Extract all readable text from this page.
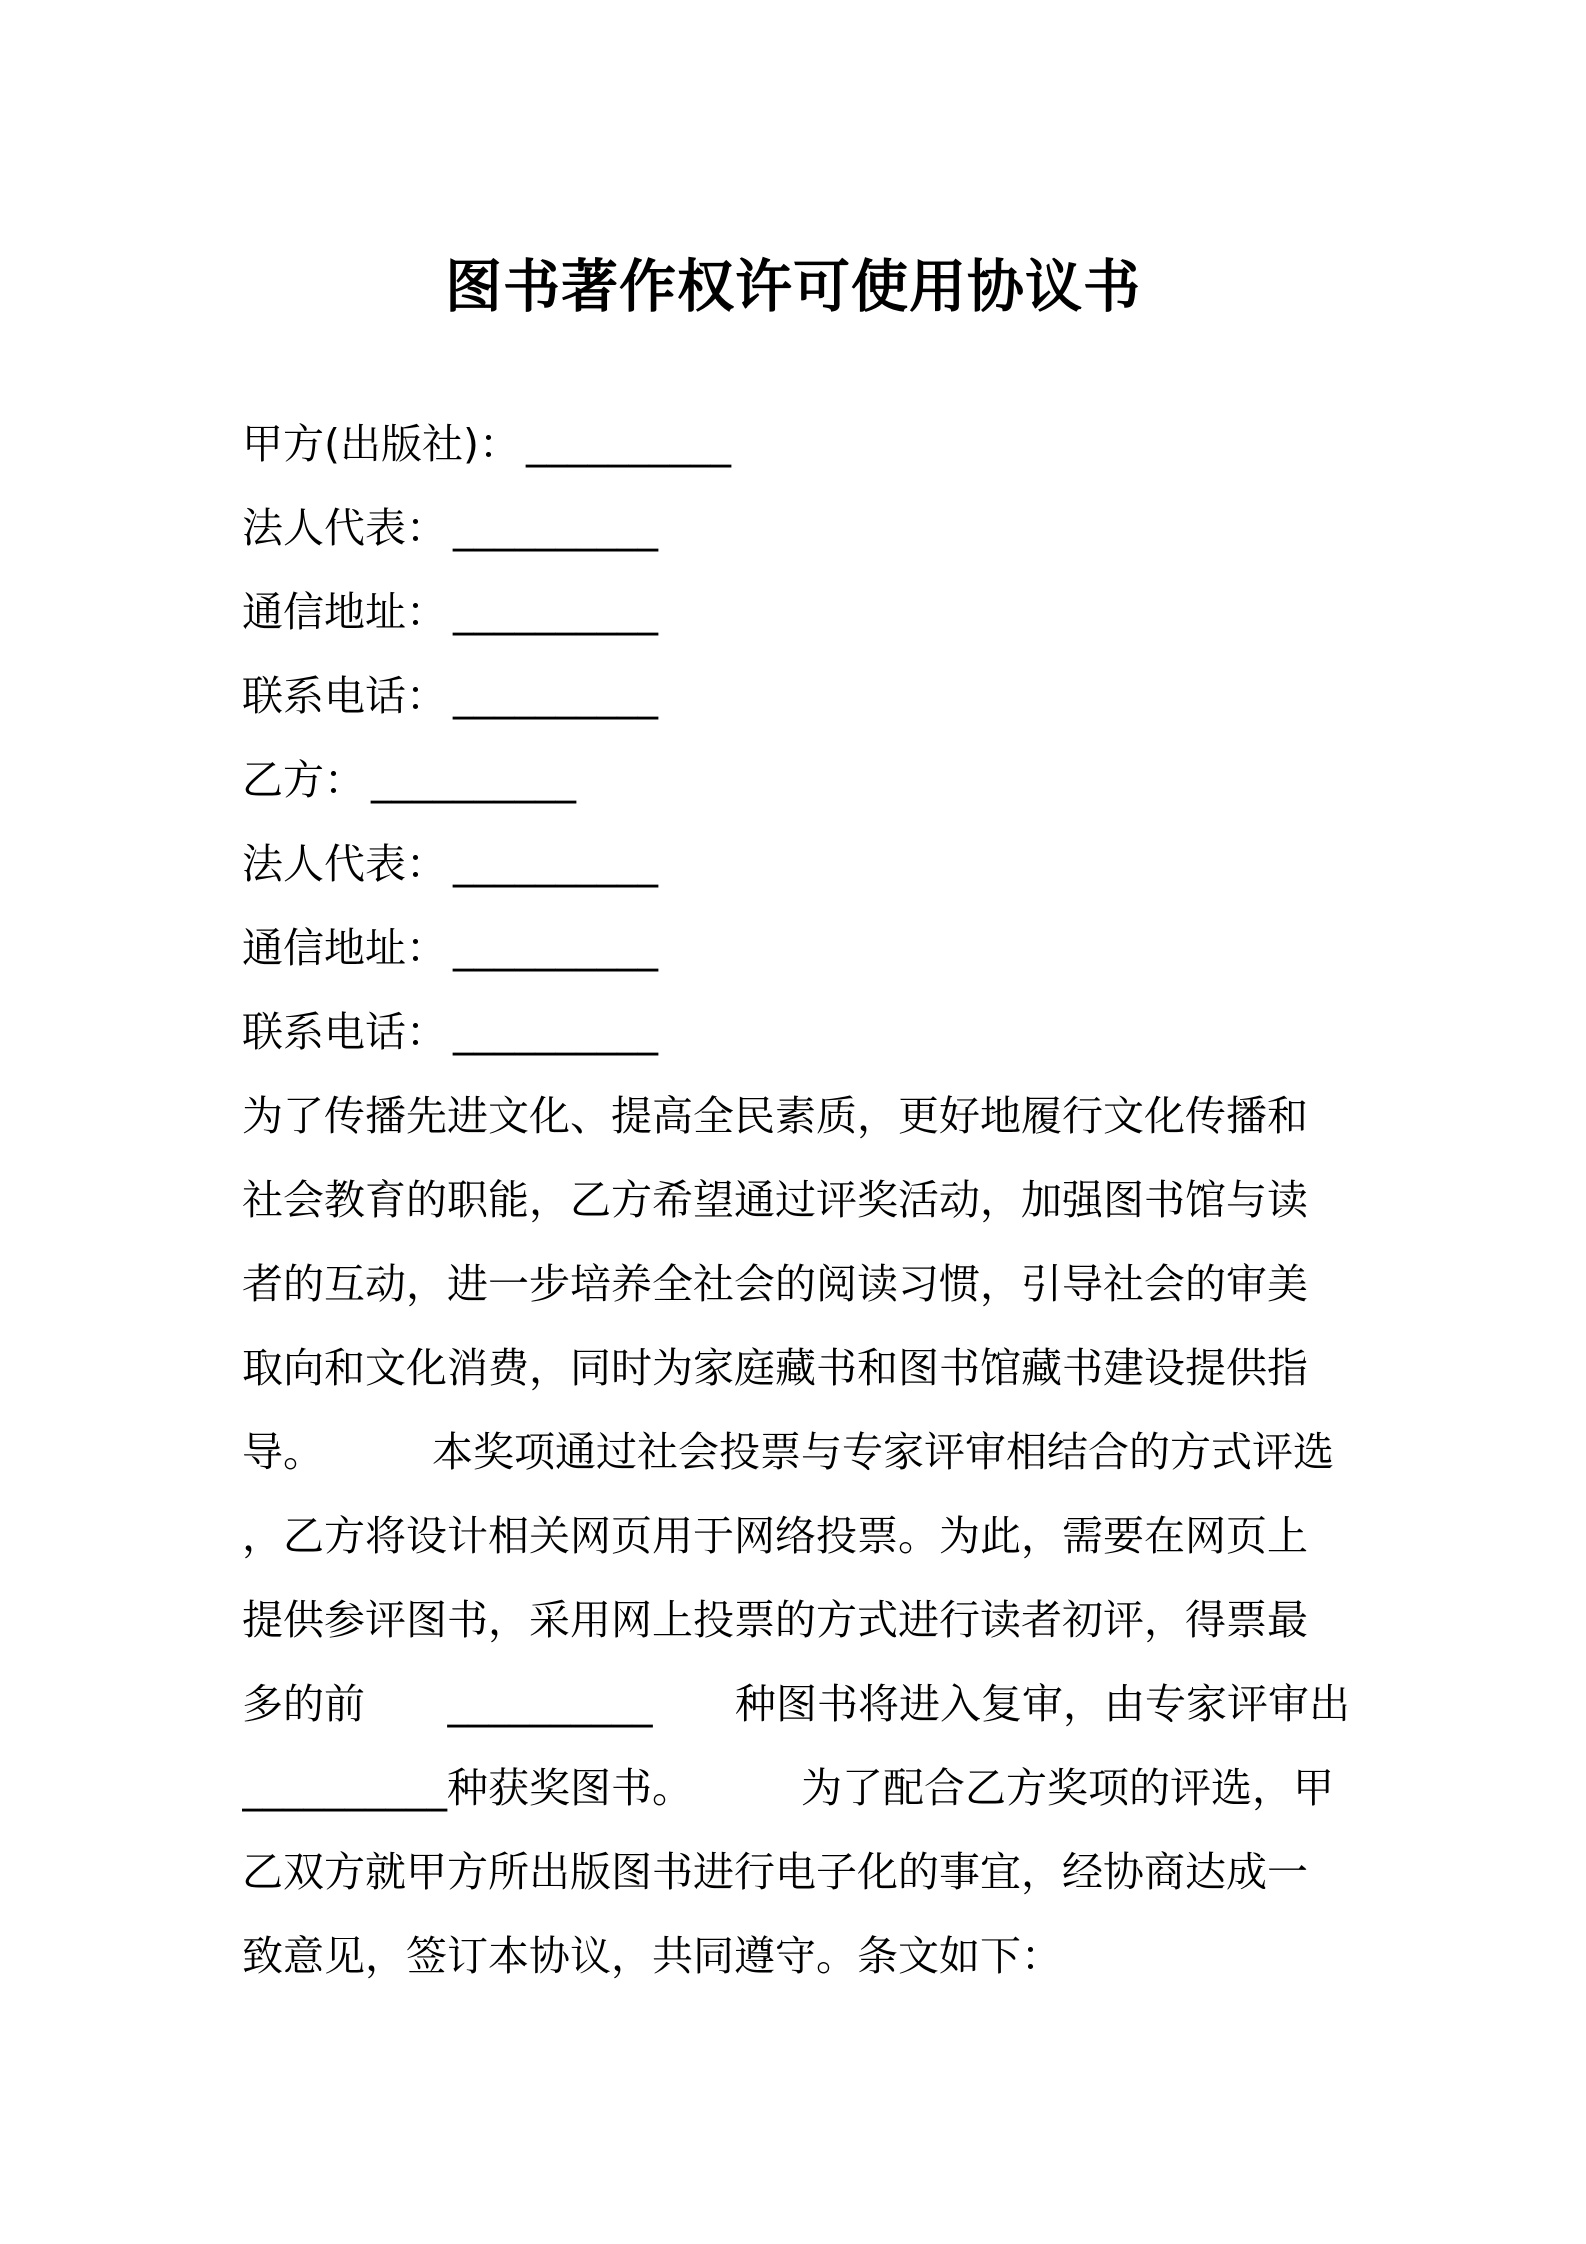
图书著作权许可使用协议书
甲方(出版社)： __________
法人代表： __________
通信地址： __________
联系电话： __________
乙方： __________
法人代表： __________
通信地址： __________
联系电话： __________
为了传播先进文化、提高全民素质，更好地履行文化传播和
社会教育的职能，乙方希望通过评奖活动，加强图书馆与读
者的互动，进一步培养全社会的阅读习惯，引导社会的审美
取向和文化消费，同时为家庭藏书和图书馆藏书建设提供指
导。	本奖项通过社会投票与专家评审相结合的方式评选
，乙方将设计相关网页用于网络投票。为此，需要在网页上
提供参评图书，采用网上投票的方式进行读者初评，得票最
多的前 __________ 种图书将进入复审，由专家评审出
__________种获奖图书。	为了配合乙方奖项的评选，甲
乙双方就甲方所出版图书进行电子化的事宜，经协商达成一
致意见，签订本协议，共同遵守。条文如下：
